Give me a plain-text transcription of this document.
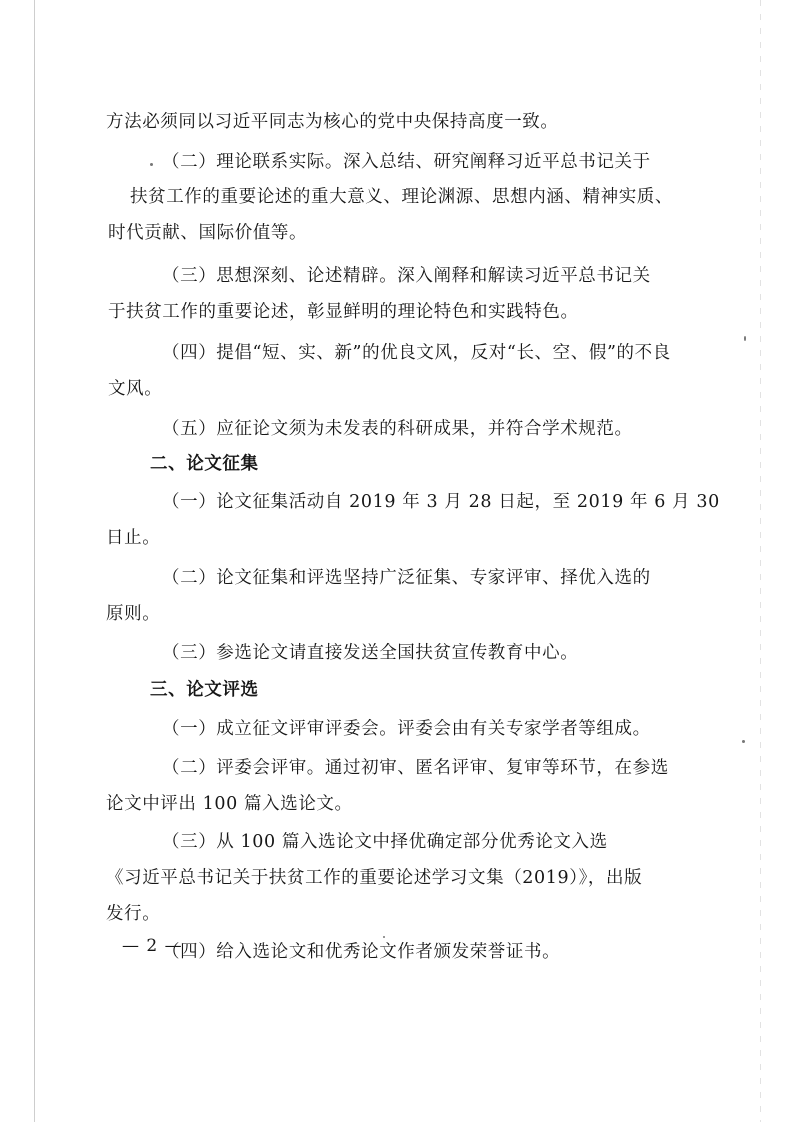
方法必须同以习近平同志为核心的党中央保持高度一致。
（二）理论联系实际。深入总结、研究阐释习近平总书记关于
扶贫工作的重要论述的重大意义、理论渊源、思想内涵、精神实质、
时代贡献、国际价值等。
（三）思想深刻、论述精辟。深入阐释和解读习近平总书记关
于扶贫工作的重要论述，彰显鲜明的理论特色和实践特色。
（四）提倡“短、实、新”的优良文风，反对“长、空、假”的不良
文风。
（五）应征论文须为未发表的科研成果，并符合学术规范。
二、论文征集
（一）论文征集活动自 2019 年 3 月 28 日起，至 2019 年 6 月 30
日止。
（二）论文征集和评选坚持广泛征集、专家评审、择优入选的
原则。
（三）参选论文请直接发送全国扶贫宣传教育中心。
三、论文评选
（一）成立征文评审评委会。评委会由有关专家学者等组成。
（二）评委会评审。通过初审、匿名评审、复审等环节，在参选
论文中评出 100 篇入选论文。
（三）从 100 篇入选论文中择优确定部分优秀论文入选
《习近平总书记关于扶贫工作的重要论述学习文集（2019）》，出版
发行。
（四）给入选论文和优秀论文作者颁发荣誉证书。
— 2 —
